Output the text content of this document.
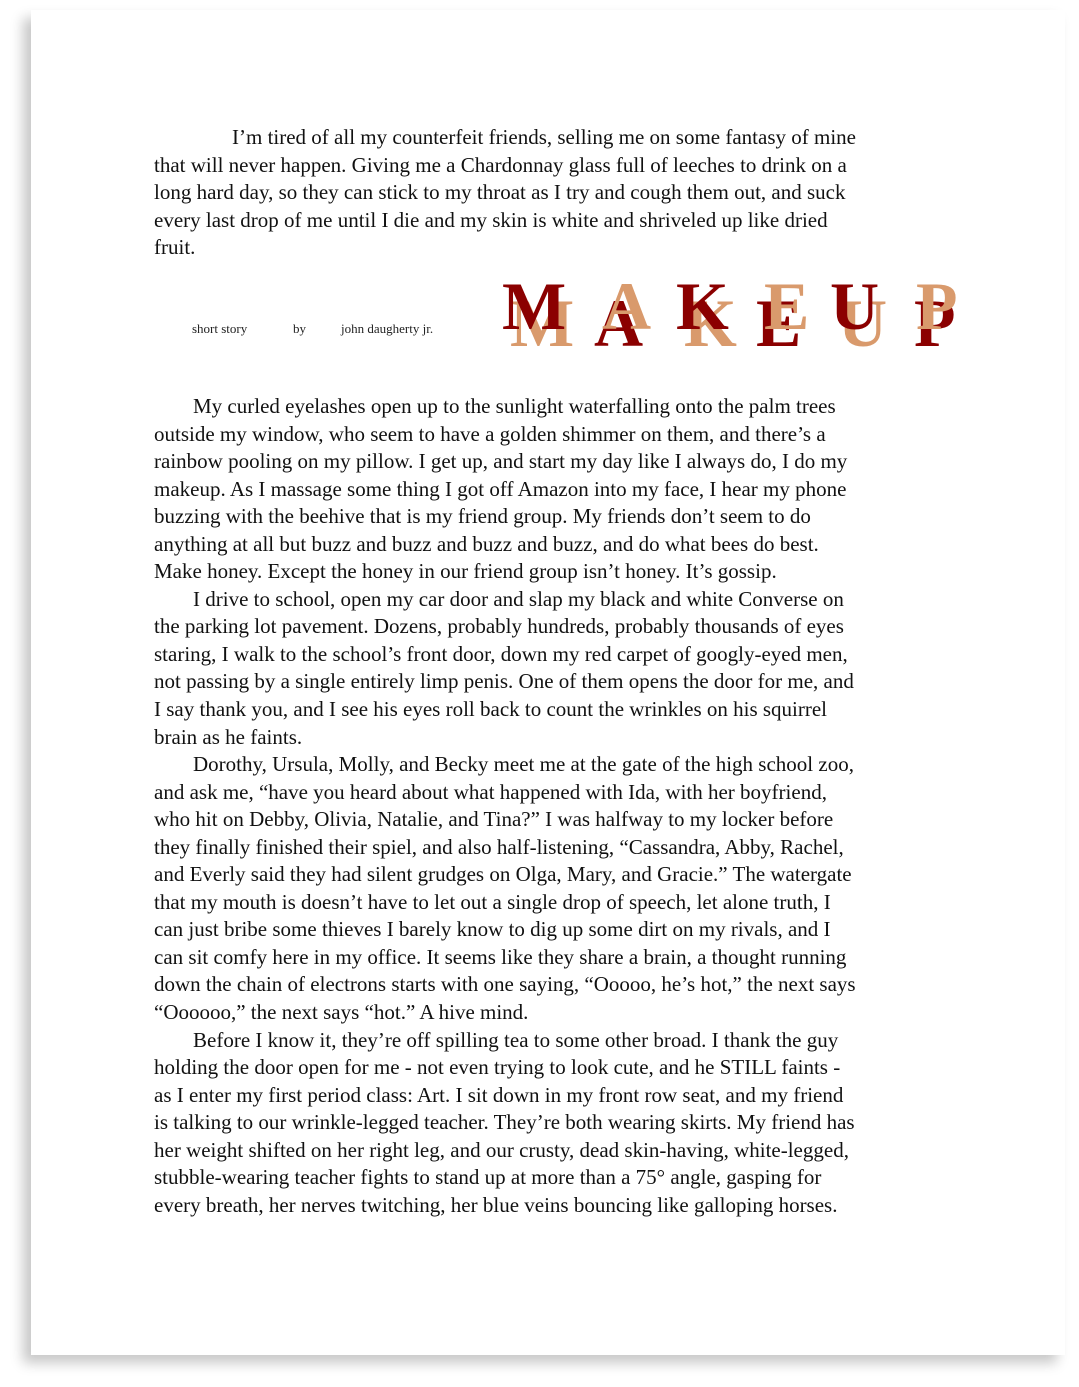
I’m tired of all my counterfeit friends, selling me on some fantasy of mine
that will never happen. Giving me a Chardonnay glass full of leeches to drink on a
long hard day, so they can stick to my throat as I try and cough them out, and suck
every last drop of me until I die and my skin is white and shriveled up like dried
fruit.
short story	by	john daugherty jr. M A K E U P
My curled eyelashes open up to the sunlight waterfalling onto the palm trees
outside my window, who seem to have a golden shimmer on them, and there’s a
rainbow pooling on my pillow. I get up, and start my day like I always do, I do my
makeup. As I massage some thing I got off Amazon into my face, I hear my phone
buzzing with the beehive that is my friend group. My friends don’t seem to do
anything at all but buzz and buzz and buzz and buzz, and do what bees do best.
Make honey. Except the honey in our friend group isn’t honey. It’s gossip.
I drive to school, open my car door and slap my black and white Converse on
the parking lot pavement. Dozens, probably hundreds, probably thousands of eyes
staring, I walk to the school’s front door, down my red carpet of googly-eyed men,
not passing by a single entirely limp penis. One of them opens the door for me, and
I say thank you, and I see his eyes roll back to count the wrinkles on his squirrel
brain as he faints.
Dorothy, Ursula, Molly, and Becky meet me at the gate of the high school zoo,
and ask me, “have you heard about what happened with Ida, with her boyfriend,
who hit on Debby, Olivia, Natalie, and Tina?” I was halfway to my locker before
they finally finished their spiel, and also half-listening, “Cassandra, Abby, Rachel,
and Everly said they had silent grudges on Olga, Mary, and Gracie.” The watergate
that my mouth is doesn’t have to let out a single drop of speech, let alone truth, I
can just bribe some thieves I barely know to dig up some dirt on my rivals, and I
can sit comfy here in my office. It seems like they share a brain, a thought running
down the chain of electrons starts with one saying, “Ooooo, he’s hot,” the next says
“Oooooo,” the next says “hot.” A hive mind.
Before I know it, they’re off spilling tea to some other broad. I thank the guy
holding the door open for me - not even trying to look cute, and he STILL faints -
as I enter my first period class: Art. I sit down in my front row seat, and my friend
is talking to our wrinkle-legged teacher. They’re both wearing skirts. My friend has
her weight shifted on her right leg, and our crusty, dead skin-having, white-legged,
stubble-wearing teacher fights to stand up at more than a 75° angle, gasping for
every breath, her nerves twitching, her blue veins bouncing like galloping horses.
